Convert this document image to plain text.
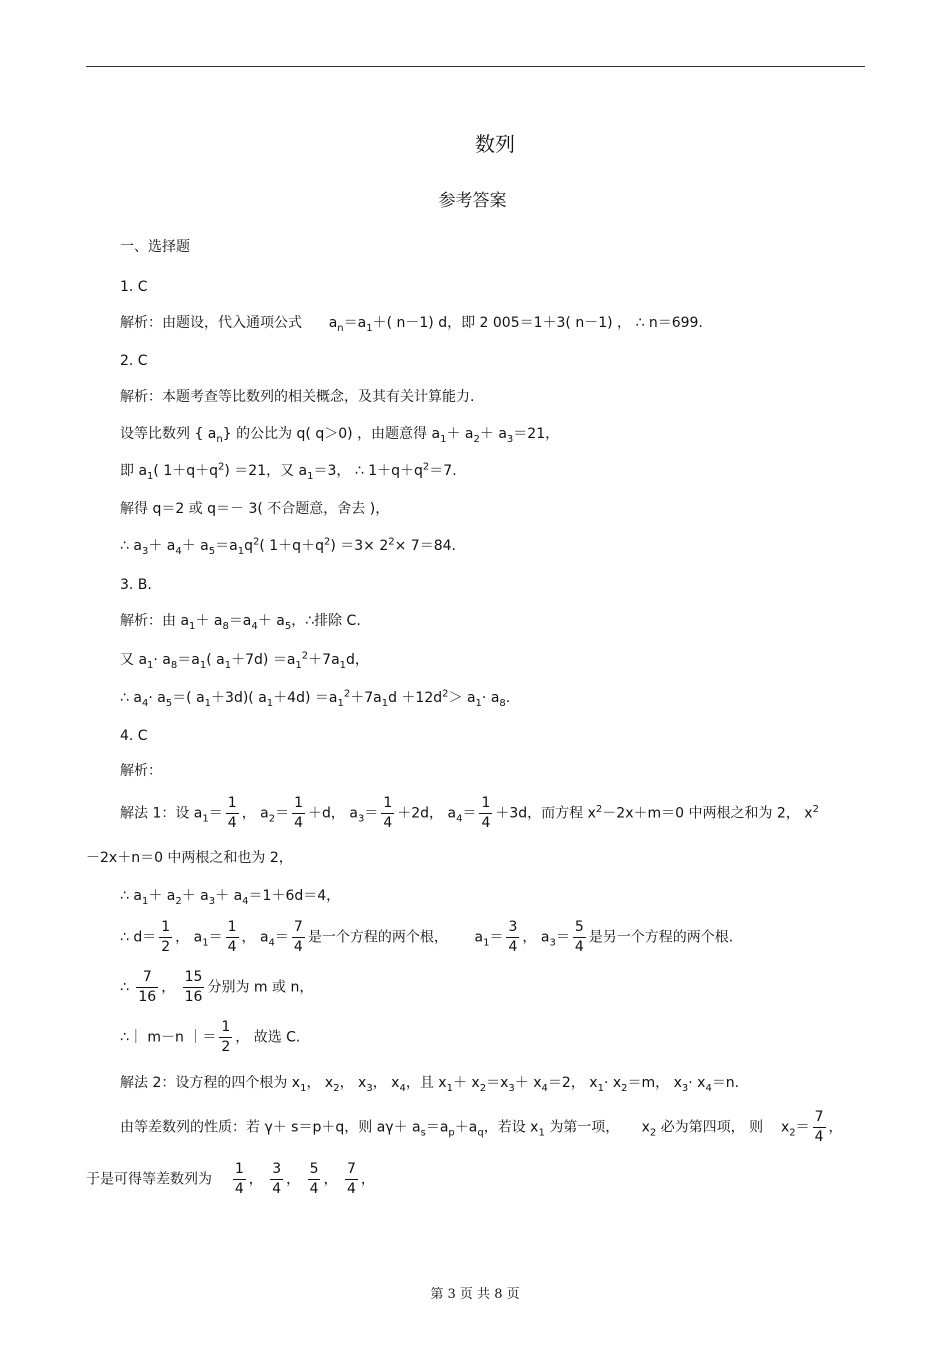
数列
参考答案
一、选择题
1. C
解析：由题设，代入通项公式      $a_n=a_1+$( n－1) d，即 2 005＝1＋3( n－1) ， ∴ n＝699.
2. C
解析：本题考查等比数列的相关概念，及其有关计算能力.
设等比数列 { $a_n$} 的公比为 q( q＞0) ，由题意得 $a_1+ a_2+ a_3=21$，
即 $a_1$( $1+q+q^2) =21$，又 $a_1=3$， ∴ $1+q+q^2=7$.
解得 q＝2 或 q＝－ 3( 不合题意，舍去 )，
∴ $a_3+ a_4+ a_5=a_1q^2$( $1+q+q^2) =3\times 2^2\times 7=84$.
3. B.
解析：由 $a_1+ a_8=a_4+ a_5$，∴排除 C.
又 $a_1\cdot a_8=a_1$( $a_1+7d) =a_1^2+7a_1d$，
∴ $a_4\cdot a_5=$( $a_1+3d$)( $a_1+4d) =a_1^2+7a_1d +12d^2> a_1\cdot a_8$.
4. C
解析：
解法 1：设 $a_1= \frac{1}{4}$ ， $a_2= \frac{1}{4} +d$， $a_3= \frac{1}{4} +2d$， $a_4= \frac{1}{4} +3d$，而方程 $x^2-2x+m=0$ 中两根之和为 2， $x^2$
－2x＋n＝0 中两根之和也为 2，
∴ $a_1+ a_2+ a_3+ a_4=1+6d=4$，
∴ $d= \frac{1}{2}$ ， $a_1= \frac{1}{4}$ ， $a_4= \frac{7}{4}$ 是一个方程的两个根，      $a_1= \frac{3}{4}$ ， $a_3= \frac{5}{4}$ 是另一个方程的两个根.
∴ $\frac{7}{16}$ ， $\frac{15}{16}$ 分别为 m 或 n，
∴｜ m－n ｜＝ $\frac{1}{2}$ ， 故选 C.
解法 2：设方程的四个根为 $x_1$， $x_2$， $x_3$， $x_4$，且 $x_1+ x_2=x_3+ x_4=2$， $x_1\cdot x_2=m$， $x_3\cdot x_4=n$.
由等差数列的性质：若 γ＋ s＝p＋q，则 $a\gamma+ a_s=a_p+a_q$，若设 $x_1$ 为第一项，     $x_2$ 必为第四项， 则    $x_2= \frac{7}{4}$ ，
于是可得等差数列为 $\frac{1}{4}$ ， $\frac{3}{4}$ ， $\frac{5}{4}$ ， $\frac{7}{4}$ ，
第 3 页 共 8 页
